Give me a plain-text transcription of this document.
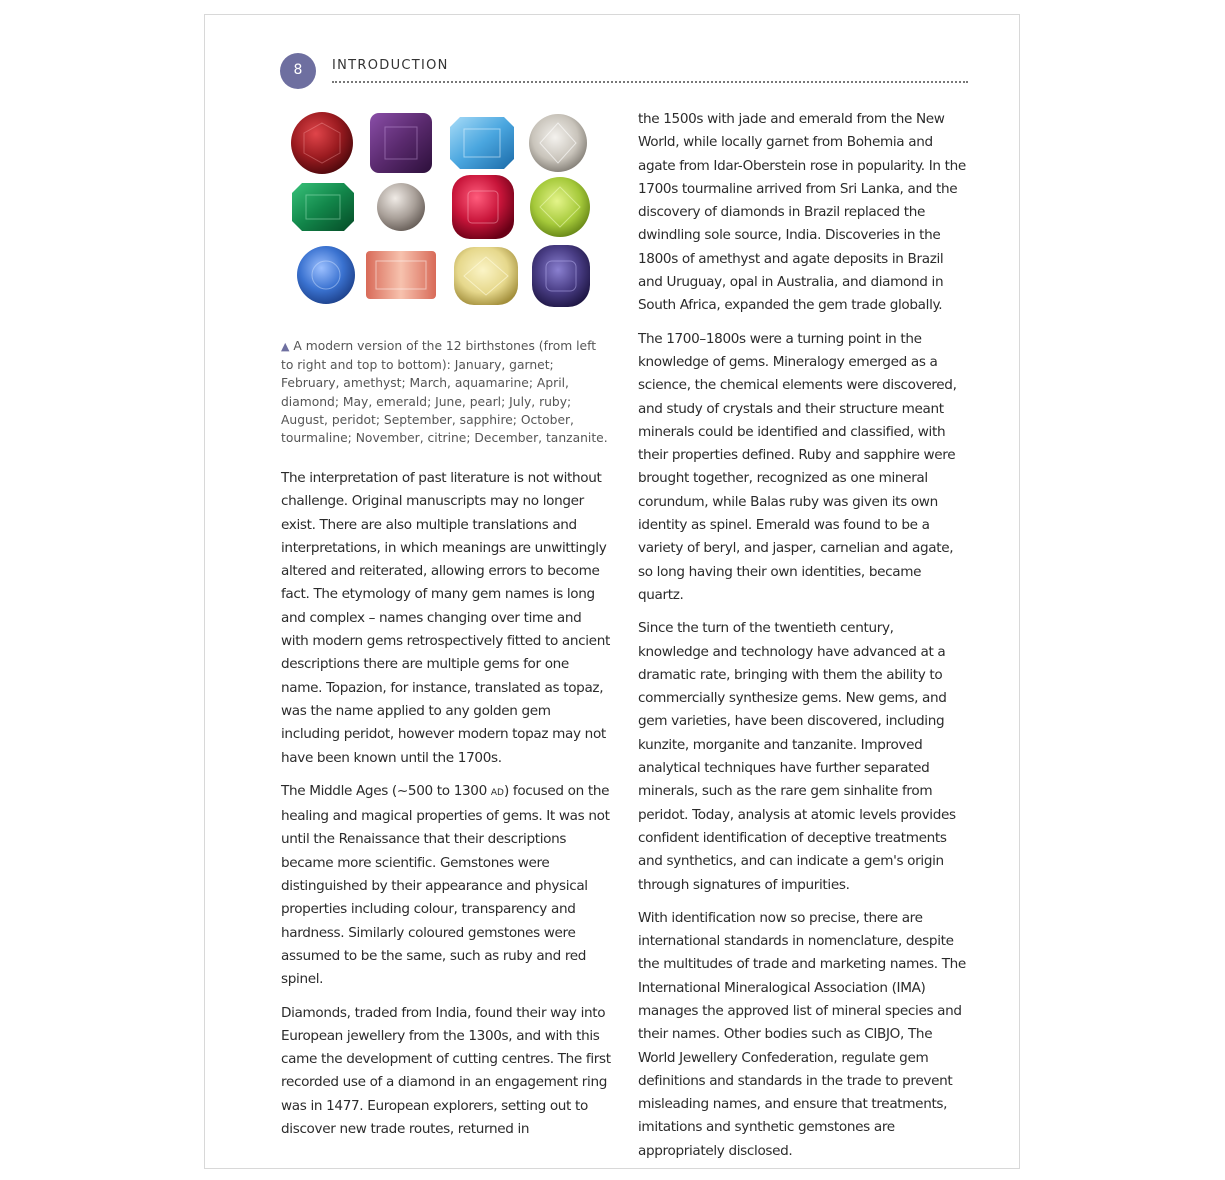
8	INTRODUCTION
▲ A modern version of the 12 birthstones (from left to right and top to bottom): January, garnet; February, amethyst; March, aquamarine; April, diamond; May, emerald; June, pearl; July, ruby; August, peridot; September, sapphire; October, tourmaline; November, citrine; December, tanzanite.

The interpretation of past literature is not without challenge. Original manuscripts may no longer exist. There are also multiple translations and interpretations, in which meanings are unwittingly altered and reiterated, allowing errors to become fact. The etymology of many gem names is long and complex – names changing over time and with modern gems retrospectively fitted to ancient descriptions there are multiple gems for one name. Topazion, for instance, translated as topaz, was the name applied to any golden gem including peridot, however modern topaz may not have been known until the 1700s.

The Middle Ages (~500 to 1300 AD) focused on the healing and magical properties of gems. It was not until the Renaissance that their descriptions became more scientific. Gemstones were distinguished by their appearance and physical properties including colour, transparency and hardness. Similarly coloured gemstones were assumed to be the same, such as ruby and red spinel.

Diamonds, traded from India, found their way into European jewellery from the 1300s, and with this came the development of cutting centres. The first recorded use of a diamond in an engagement ring was in 1477. European explorers, setting out to discover new trade routes, returned in

the 1500s with jade and emerald from the New World, while locally garnet from Bohemia and agate from Idar-Oberstein rose in popularity. In the 1700s tourmaline arrived from Sri Lanka, and the discovery of diamonds in Brazil replaced the dwindling sole source, India. Discoveries in the 1800s of amethyst and agate deposits in Brazil and Uruguay, opal in Australia, and diamond in South Africa, expanded the gem trade globally.

The 1700–1800s were a turning point in the knowledge of gems. Mineralogy emerged as a science, the chemical elements were discovered, and study of crystals and their structure meant minerals could be identified and classified, with their properties defined. Ruby and sapphire were brought together, recognized as one mineral corundum, while Balas ruby was given its own identity as spinel. Emerald was found to be a variety of beryl, and jasper, carnelian and agate, so long having their own identities, became quartz.

Since the turn of the twentieth century, knowledge and technology have advanced at a dramatic rate, bringing with them the ability to commercially synthesize gems. New gems, and gem varieties, have been discovered, including kunzite, morganite and tanzanite. Improved analytical techniques have further separated minerals, such as the rare gem sinhalite from peridot. Today, analysis at atomic levels provides confident identification of deceptive treatments and synthetics, and can indicate a gem's origin through signatures of impurities.

With identification now so precise, there are international standards in nomenclature, despite the multitudes of trade and marketing names. The International Mineralogical Association (IMA) manages the approved list of mineral species and their names. Other bodies such as CIBJO, The World Jewellery Confederation, regulate gem definitions and standards in the trade to prevent misleading names, and ensure that treatments, imitations and synthetic gemstones are appropriately disclosed.
